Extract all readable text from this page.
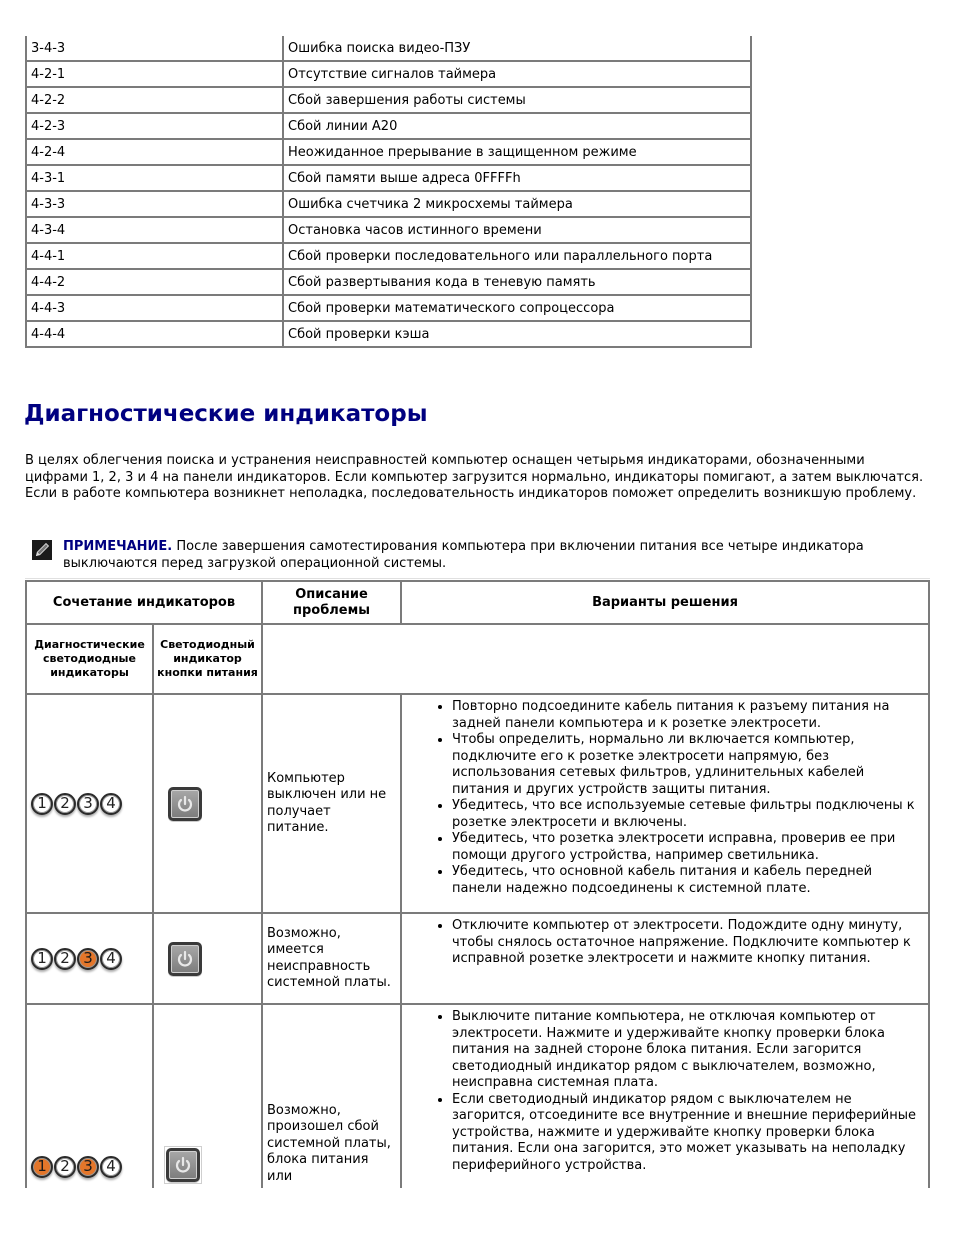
3-4-3	Ошибка поиска видео-ПЗУ
4-2-1	Отсутствие сигналов таймера
4-2-2	Сбой завершения работы системы
4-2-3	Сбой линии A20
4-2-4	Неожиданное прерывание в защищенном режиме
4-3-1	Сбой памяти выше адреса 0FFFFh
4-3-3	Ошибка счетчика 2 микросхемы таймера
4-3-4	Остановка часов истинного времени
4-4-1	Сбой проверки последовательного или параллельного порта
4-4-2	Сбой развертывания кода в теневую память
4-4-3	Сбой проверки математического сопроцессора
4-4-4	Сбой проверки кэша
Диагностические индикаторы

В целях облегчения поиска и устранения неисправностей компьютер оснащен четырьмя индикаторами, обозначенными цифрами 1, 2, 3 и 4 на панели индикаторов. Если компьютер загрузится нормально, индикаторы помигают, а затем выключатся. Если в работе компьютера возникнет неполадка, последовательность индикаторов поможет определить возникшую проблему.

ПРИМЕЧАНИЕ. После завершения самотестирования компьютера при включении питания все четыре индикатора выключаются перед загрузкой операционной системы.
Сочетание индикаторов		Описание проблемы	Варианты решения
Диагностические светодиодные индикаторы	Светодиодный индикатор кнопки питания		

1 2 3 4

	Компьютер выключен или не получает питание.	
• Повторно подсоедините кабель питания к разъему питания на задней панели компьютера и к розетке электросети.
• Чтобы определить, нормально ли включается компьютер, подключите его к розетке электросети напрямую, без использования сетевых фильтров, удлинительных кабелей питания и других устройств защиты питания.
• Убедитесь, что все используемые сетевые фильтры подключены к розетке электросети и включены.
• Убедитесь, что розетка электросети исправна, проверив ее при помощи другого устройства, например светильника.
• Убедитесь, что основной кабель питания и кабель передней панели надежно подсоединены к системной плате.

1 2 3 4

	Возможно, имеется неисправность системной платы.	
• Отключите компьютер от электросети. Подождите одну минуту, чтобы снялось остаточное напряжение. Подключите компьютер к исправной розетке электросети и нажмите кнопку питания.

1 2 3 4

	Возможно, произошел сбой системной платы, блока питания или	
• Выключите питание компьютера, не отключая компьютер от электросети. Нажмите и удерживайте кнопку проверки блока питания на задней стороне блока питания. Если загорится светодиодный индикатор рядом с выключателем, возможно, неисправна системная плата.
• Если светодиодный индикатор рядом с выключателем не загорится, отсоедините все внутренние и внешние периферийные устройства, нажмите и удерживайте кнопку проверки блока питания. Если она загорится, это может указывать на неполадку периферийного устройства.
